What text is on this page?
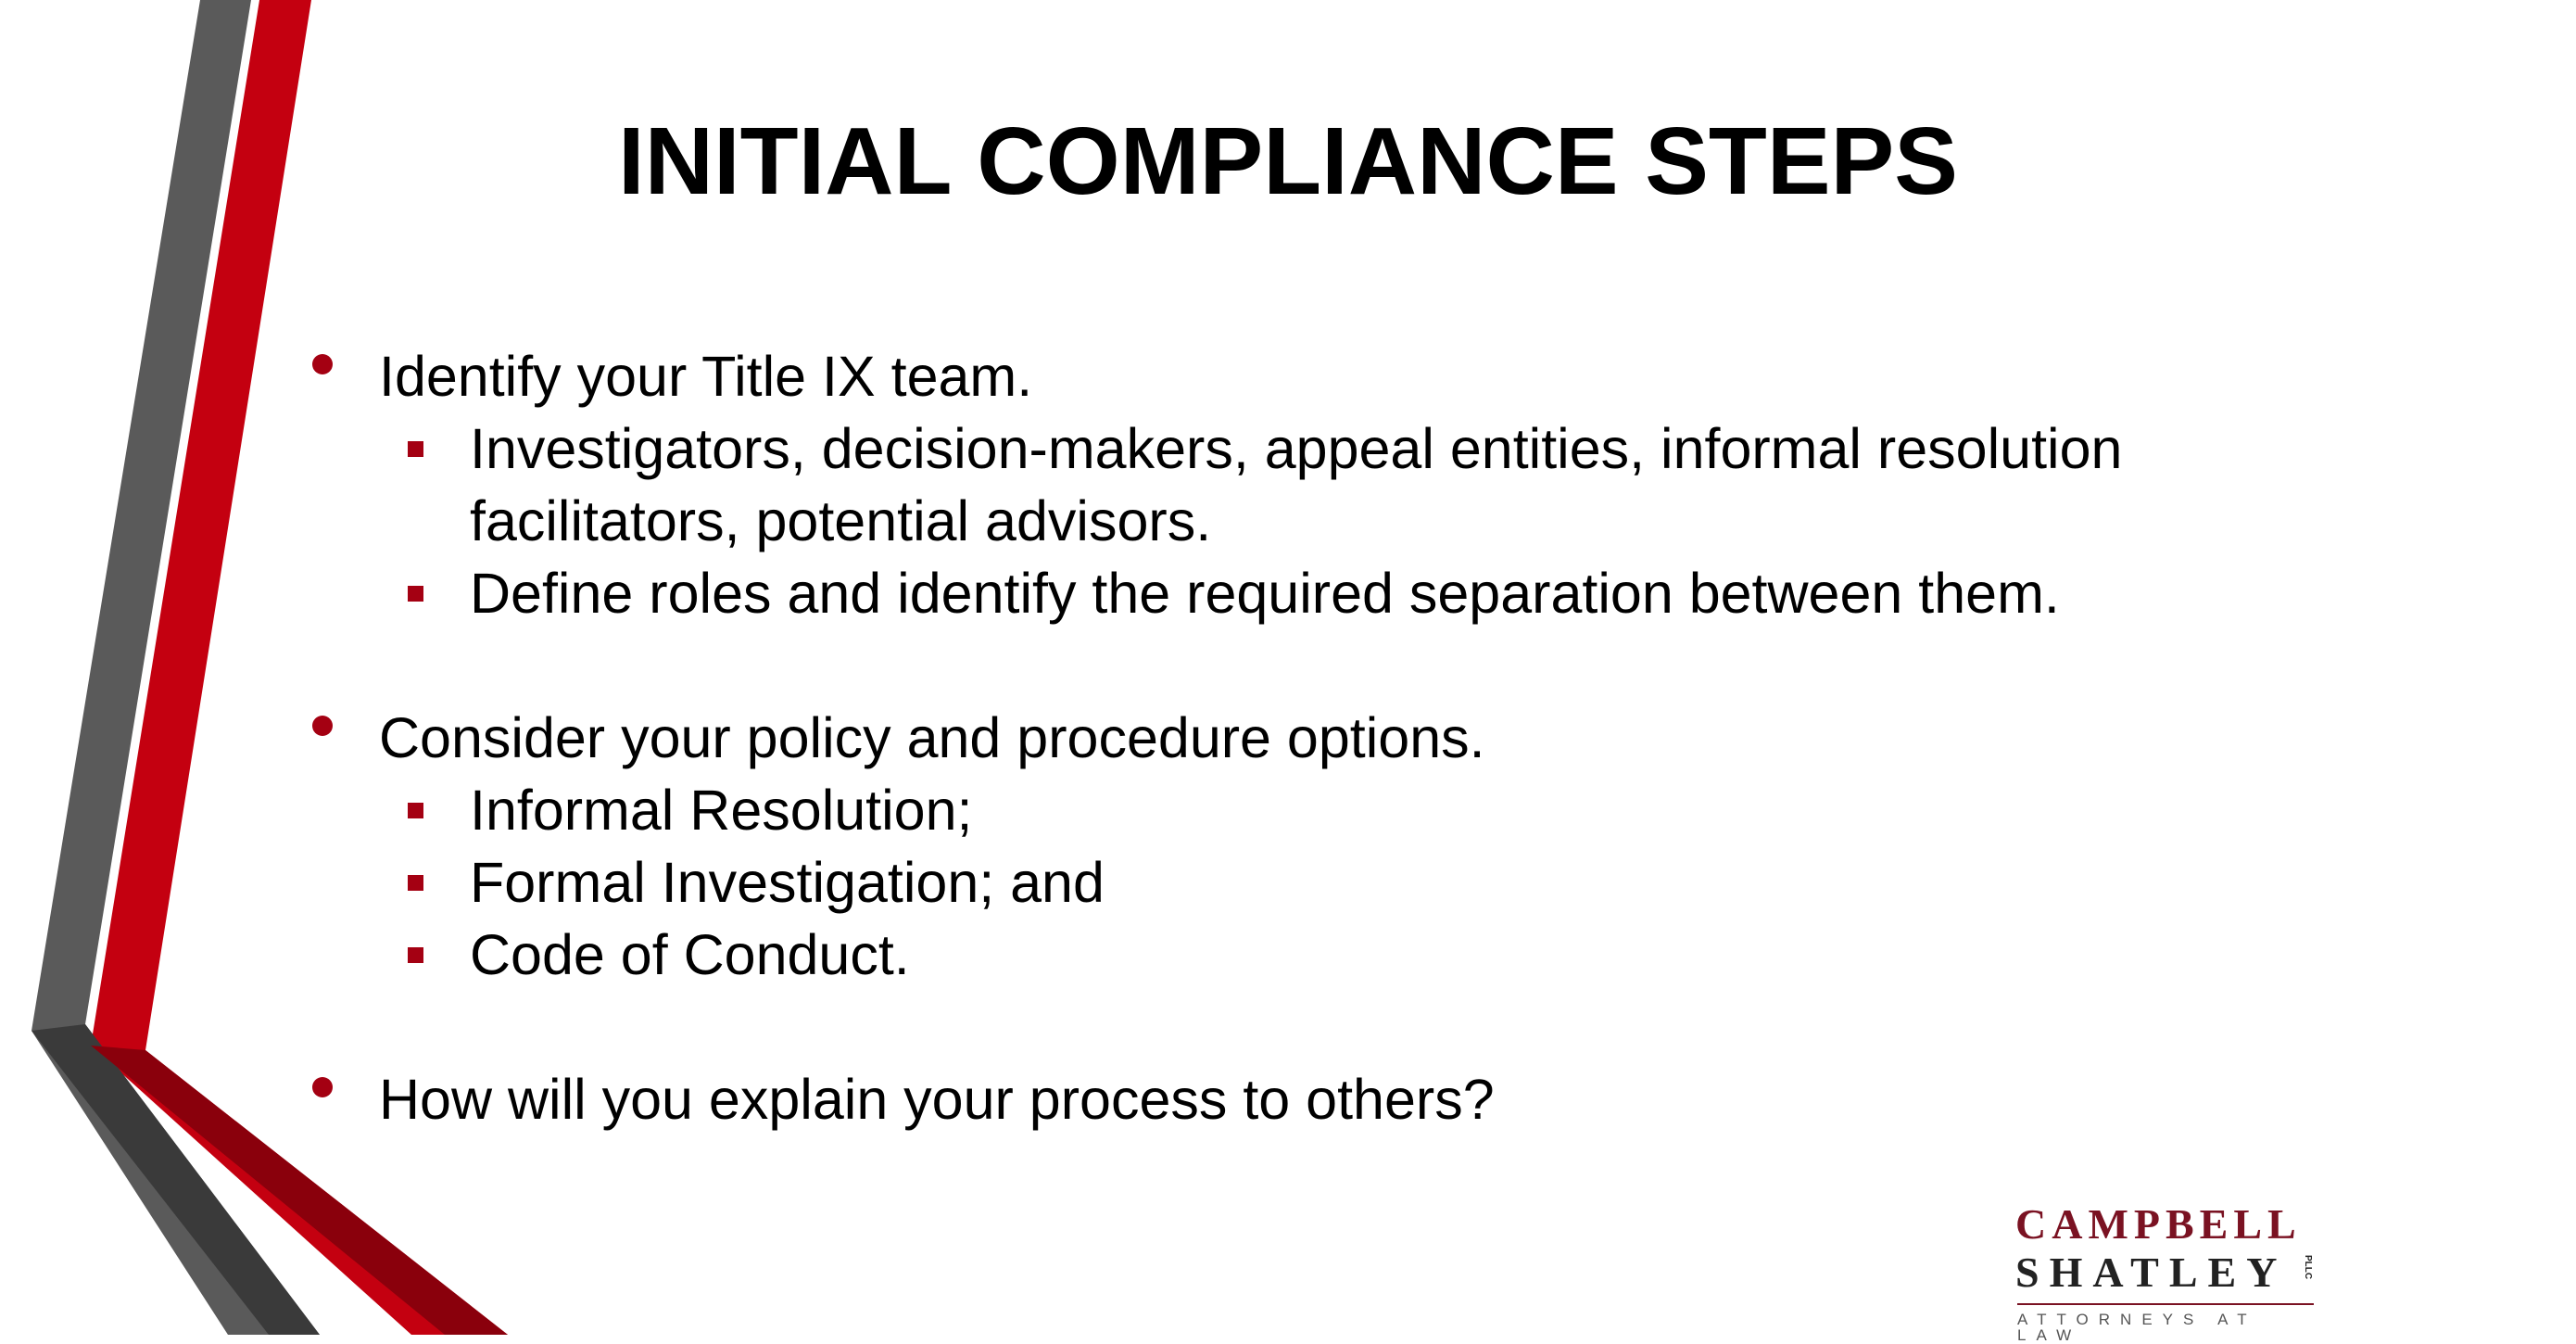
INITIAL COMPLIANCE STEPS
Identify your Title IX team.
Investigators, decision-makers, appeal entities, informal resolution facilitators, potential advisors.
Define roles and identify the required separation between them.
Consider your policy and procedure options.
Informal Resolution;
Formal Investigation; and
Code of Conduct.
How will you explain your process to others?
CAMPBELL
SHATLEY PLLC
ATTORNEYS AT LAW
